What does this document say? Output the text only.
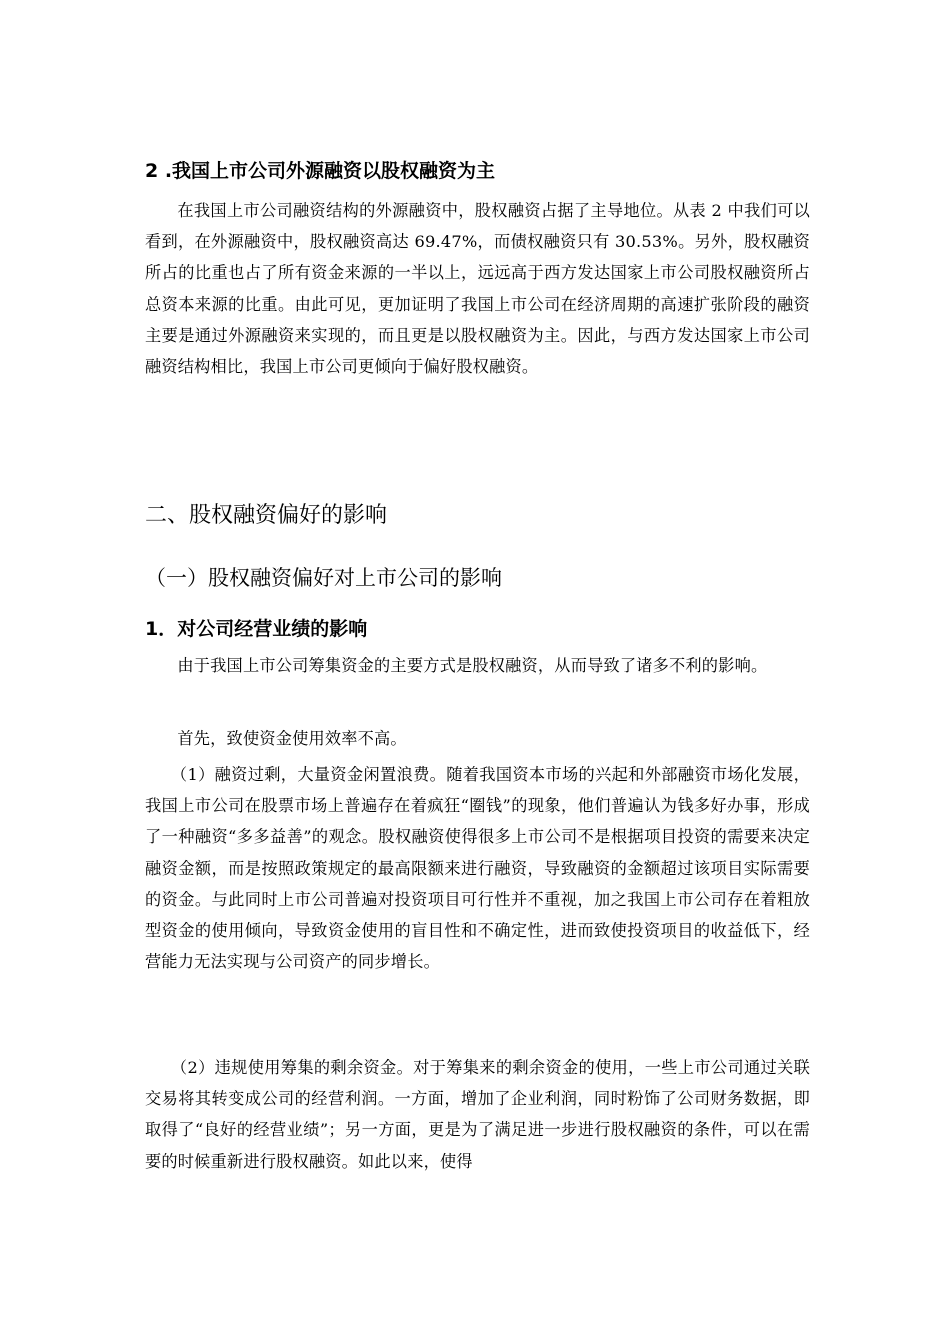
2 .我国上市公司外源融资以股权融资为主

在我国上市公司融资结构的外源融资中，股权融资占据了主导地位。从表 2 中我们可以看到，在外源融资中，股权融资高达 69.47%，而债权融资只有 30.53%。另外，股权融资所占的比重也占了所有资金来源的一半以上，远远高于西方发达国家上市公司股权融资所占总资本来源的比重。由此可见，更加证明了我国上市公司在经济周期的高速扩张阶段的融资主要是通过外源融资来实现的，而且更是以股权融资为主。因此，与西方发达国家上市公司融资结构相比，我国上市公司更倾向于偏好股权融资。

二、股权融资偏好的影响
（一）股权融资偏好对上市公司的影响
1．对公司经营业绩的影响

由于我国上市公司筹集资金的主要方式是股权融资，从而导致了诸多不利的影响。

首先，致使资金使用效率不高。

（1）融资过剩，大量资金闲置浪费。随着我国资本市场的兴起和外部融资市场化发展，我国上市公司在股票市场上普遍存在着疯狂“圈钱”的现象，他们普遍认为钱多好办事，形成了一种融资“多多益善”的观念。股权融资使得很多上市公司不是根据项目投资的需要来决定融资金额，而是按照政策规定的最高限额来进行融资，导致融资的金额超过该项目实际需要的资金。与此同时上市公司普遍对投资项目可行性并不重视，加之我国上市公司存在着粗放型资金的使用倾向，导致资金使用的盲目性和不确定性，进而致使投资项目的收益低下，经营能力无法实现与公司资产的同步增长。

（2）违规使用筹集的剩余资金。对于筹集来的剩余资金的使用，一些上市公司通过关联交易将其转变成公司的经营利润。一方面，增加了企业利润，同时粉饰了公司财务数据，即取得了“良好的经营业绩”；另一方面，更是为了满足进一步进行股权融资的条件，可以在需要的时候重新进行股权融资。如此以来，使得
